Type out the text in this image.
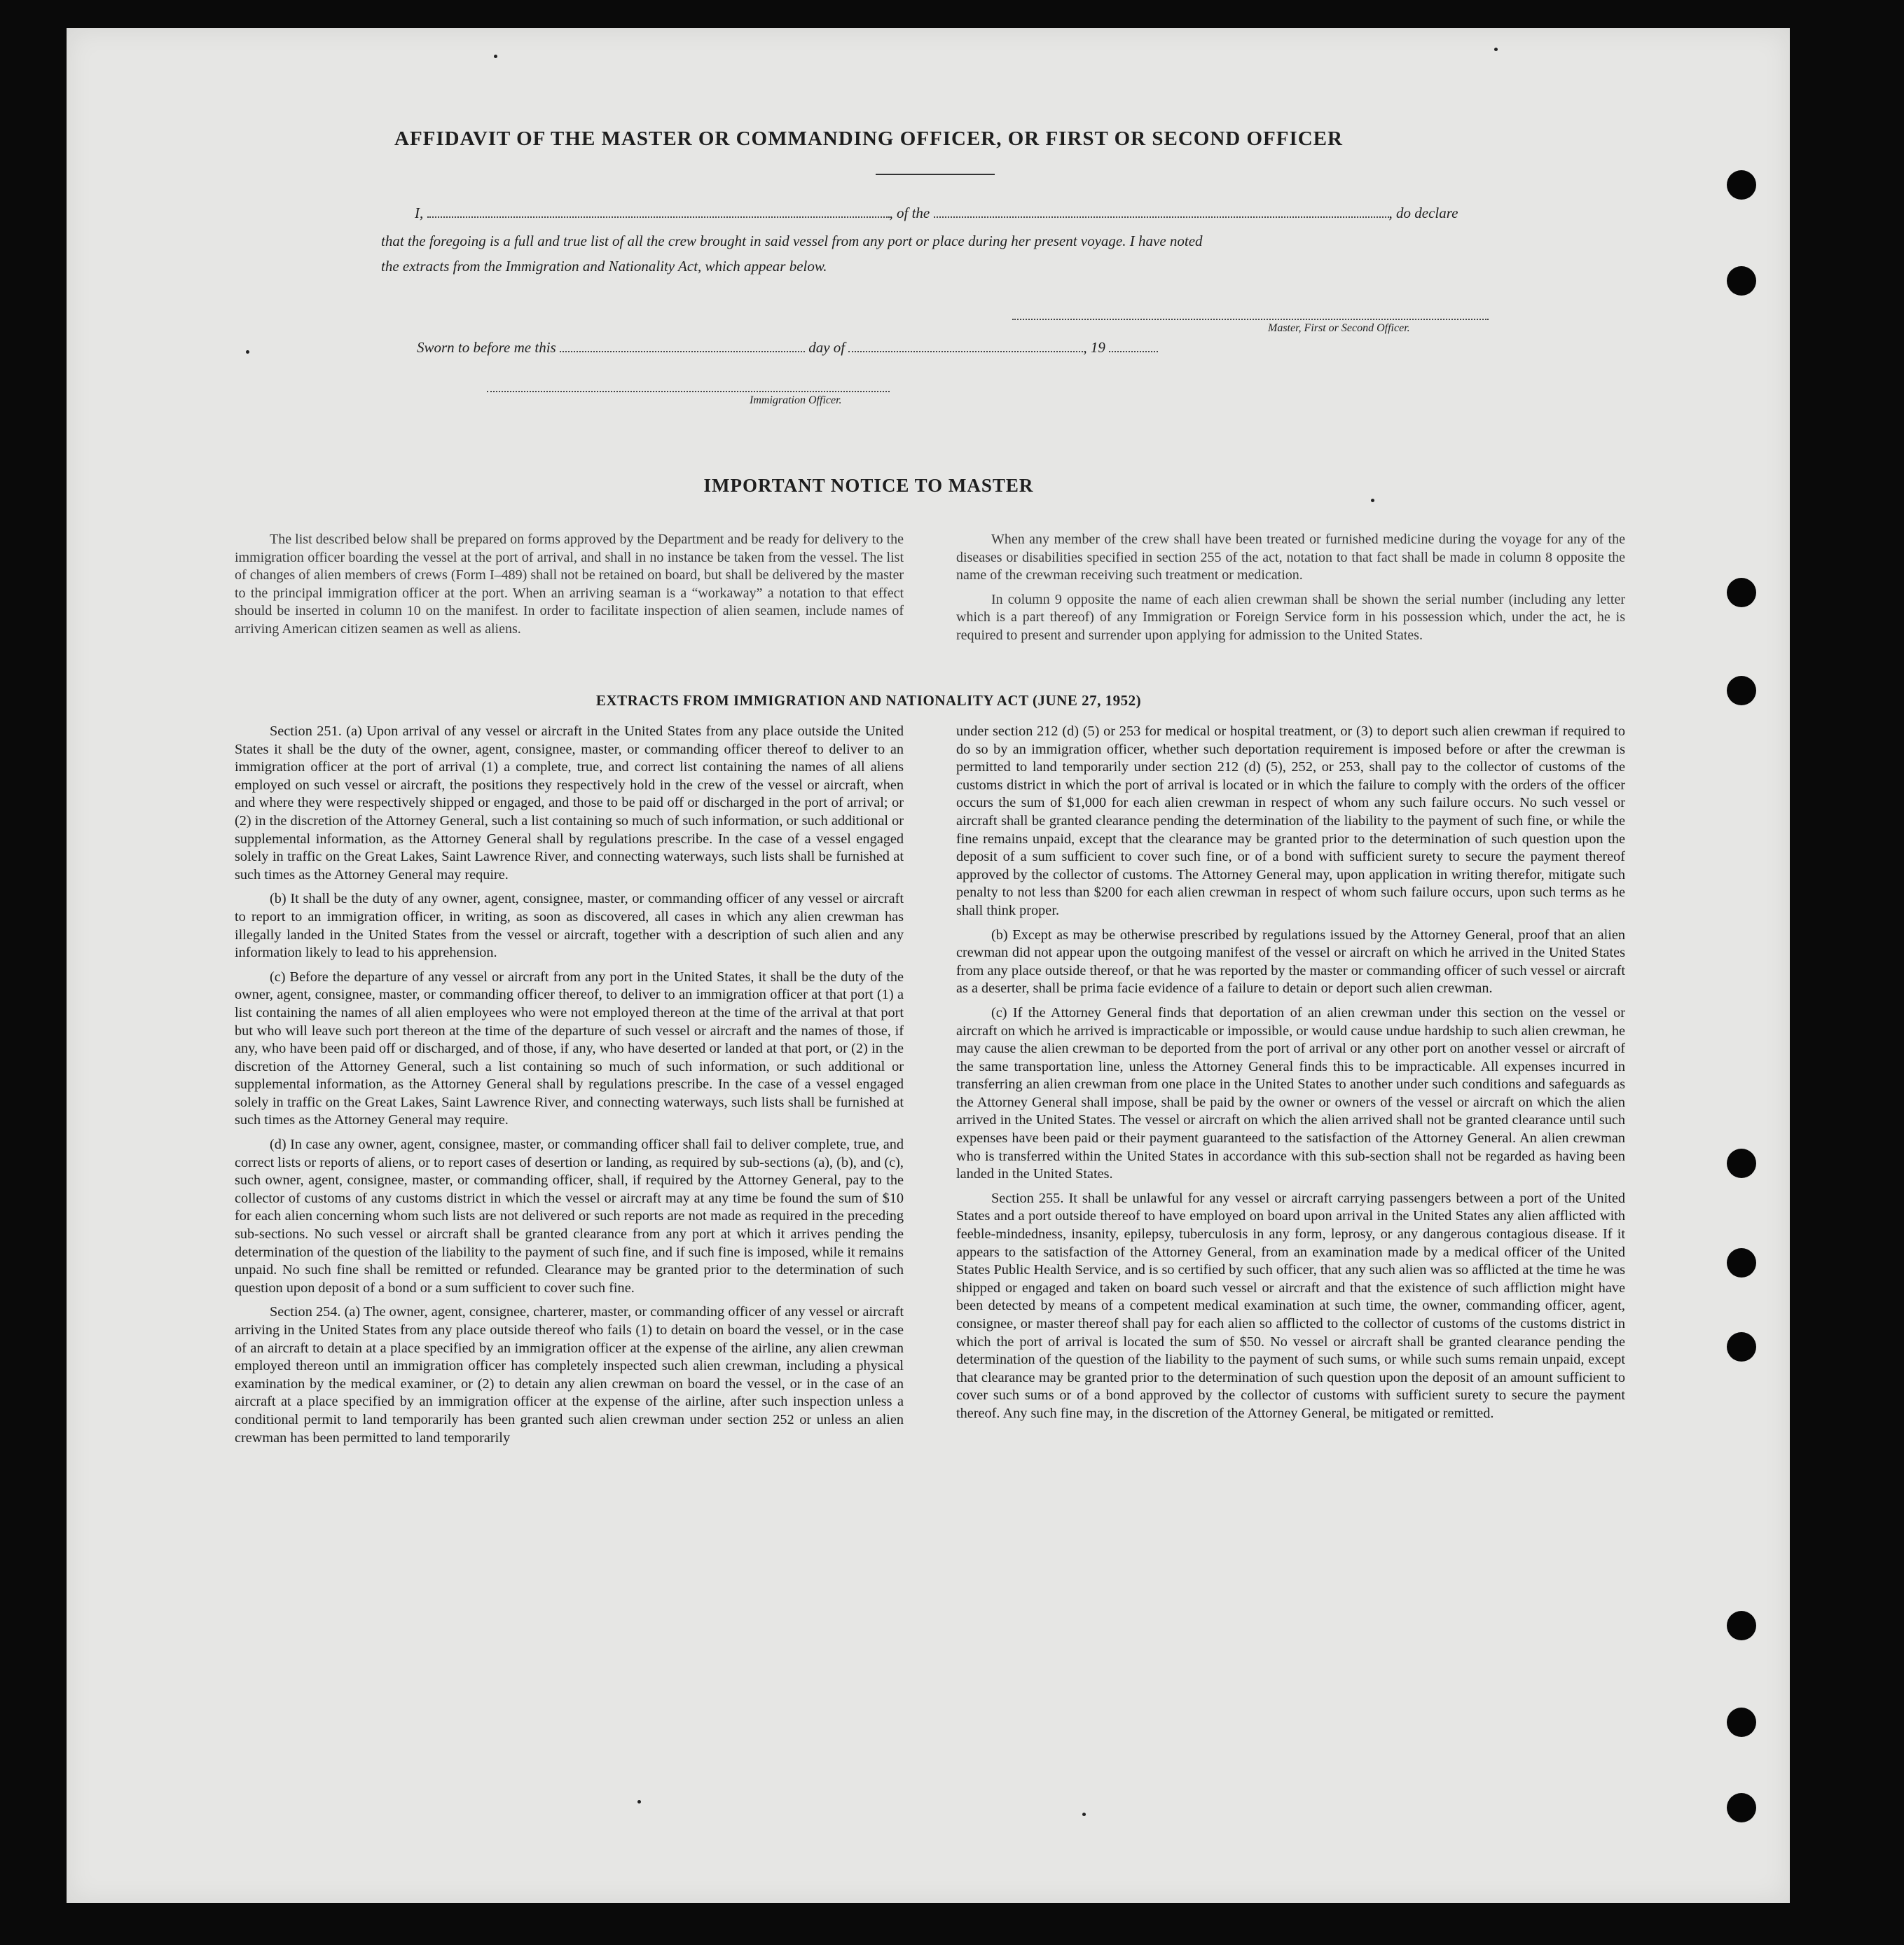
AFFIDAVIT OF THE MASTER OR COMMANDING OFFICER, OR FIRST OR SECOND OFFICER
I,	, of the	, do declare
that the foregoing is a full and true list of all the crew brought in said vessel from any port or place during her present voyage. I have noted
the extracts from the Immigration and Nationality Act, which appear below.
Master, First or Second Officer.
Sworn to before me this	day of	, 19
Immigration Officer.
IMPORTANT NOTICE TO MASTER

The list described below shall be prepared on forms approved by the Department and be ready for delivery to the immigration officer boarding the vessel at the port of arrival, and shall in no instance be taken from the vessel. The list of changes of alien members of crews (Form I–489) shall not be retained on board, but shall be delivered by the master to the principal immigration officer at the port. When an arriving seaman is a “workaway” a notation to that effect should be inserted in column 10 on the manifest. In order to facilitate inspection of alien seamen, include names of arriving American citizen seamen as well as aliens.

When any member of the crew shall have been treated or furnished medicine during the voyage for any of the diseases or disabilities specified in section 255 of the act, notation to that fact shall be made in column 8 opposite the name of the crewman receiving such treatment or medication.

In column 9 opposite the name of each alien crewman shall be shown the serial number (including any letter which is a part thereof) of any Immigration or Foreign Service form in his possession which, under the act, he is required to present and surrender upon applying for admission to the United States.

EXTRACTS FROM IMMIGRATION AND NATIONALITY ACT (JUNE 27, 1952)

Section 251. (a) Upon arrival of any vessel or aircraft in the United States from any place outside the United States it shall be the duty of the owner, agent, consignee, master, or commanding officer thereof to deliver to an immigration officer at the port of arrival (1) a complete, true, and correct list containing the names of all aliens employed on such vessel or aircraft, the positions they respectively hold in the crew of the vessel or aircraft, when and where they were respectively shipped or engaged, and those to be paid off or discharged in the port of arrival; or (2) in the discretion of the Attorney General, such a list containing so much of such information, or such additional or supplemental information, as the Attorney General shall by regulations prescribe. In the case of a vessel engaged solely in traffic on the Great Lakes, Saint Lawrence River, and connecting waterways, such lists shall be furnished at such times as the Attorney General may require.

(b) It shall be the duty of any owner, agent, consignee, master, or commanding officer of any vessel or aircraft to report to an immigration officer, in writing, as soon as discovered, all cases in which any alien crewman has illegally landed in the United States from the vessel or aircraft, together with a description of such alien and any information likely to lead to his apprehension.

(c) Before the departure of any vessel or aircraft from any port in the United States, it shall be the duty of the owner, agent, consignee, master, or commanding officer thereof, to deliver to an immigration officer at that port (1) a list containing the names of all alien employees who were not employed thereon at the time of the arrival at that port but who will leave such port thereon at the time of the departure of such vessel or aircraft and the names of those, if any, who have been paid off or discharged, and of those, if any, who have deserted or landed at that port, or (2) in the discretion of the Attorney General, such a list containing so much of such information, or such additional or supplemental information, as the Attorney General shall by regulations prescribe. In the case of a vessel engaged solely in traffic on the Great Lakes, Saint Lawrence River, and connecting waterways, such lists shall be furnished at such times as the Attorney General may require.

(d) In case any owner, agent, consignee, master, or commanding officer shall fail to deliver complete, true, and correct lists or reports of aliens, or to report cases of desertion or landing, as required by sub-sections (a), (b), and (c), such owner, agent, consignee, master, or commanding officer, shall, if required by the Attorney General, pay to the collector of customs of any customs district in which the vessel or aircraft may at any time be found the sum of $10 for each alien concerning whom such lists are not delivered or such reports are not made as required in the preceding sub-sections. No such vessel or aircraft shall be granted clearance from any port at which it arrives pending the determination of the question of the liability to the payment of such fine, and if such fine is imposed, while it remains unpaid. No such fine shall be remitted or refunded. Clearance may be granted prior to the determination of such question upon deposit of a bond or a sum sufficient to cover such fine.

Section 254. (a) The owner, agent, consignee, charterer, master, or commanding officer of any vessel or aircraft arriving in the United States from any place outside thereof who fails (1) to detain on board the vessel, or in the case of an aircraft to detain at a place specified by an immigration officer at the expense of the airline, any alien crewman employed thereon until an immigration officer has completely inspected such alien crewman, including a physical examination by the medical examiner, or (2) to detain any alien crewman on board the vessel, or in the case of an aircraft at a place specified by an immigration officer at the expense of the airline, after such inspection unless a conditional permit to land temporarily has been granted such alien crewman under section 252 or unless an alien crewman has been permitted to land temporarily

under section 212 (d) (5) or 253 for medical or hospital treatment, or (3) to deport such alien crewman if required to do so by an immigration officer, whether such deportation requirement is imposed before or after the crewman is permitted to land temporarily under section 212 (d) (5), 252, or 253, shall pay to the collector of customs of the customs district in which the port of arrival is located or in which the failure to comply with the orders of the officer occurs the sum of $1,000 for each alien crewman in respect of whom any such failure occurs. No such vessel or aircraft shall be granted clearance pending the determination of the liability to the payment of such fine, or while the fine remains unpaid, except that the clearance may be granted prior to the determination of such question upon the deposit of a sum sufficient to cover such fine, or of a bond with sufficient surety to secure the payment thereof approved by the collector of customs. The Attorney General may, upon application in writing therefor, mitigate such penalty to not less than $200 for each alien crewman in respect of whom such failure occurs, upon such terms as he shall think proper.

(b) Except as may be otherwise prescribed by regulations issued by the Attorney General, proof that an alien crewman did not appear upon the outgoing manifest of the vessel or aircraft on which he arrived in the United States from any place outside thereof, or that he was reported by the master or commanding officer of such vessel or aircraft as a deserter, shall be prima facie evidence of a failure to detain or deport such alien crewman.

(c) If the Attorney General finds that deportation of an alien crewman under this section on the vessel or aircraft on which he arrived is impracticable or impossible, or would cause undue hardship to such alien crewman, he may cause the alien crewman to be deported from the port of arrival or any other port on another vessel or aircraft of the same transportation line, unless the Attorney General finds this to be impracticable. All expenses incurred in transferring an alien crewman from one place in the United States to another under such conditions and safeguards as the Attorney General shall impose, shall be paid by the owner or owners of the vessel or aircraft on which the alien arrived in the United States. The vessel or aircraft on which the alien arrived shall not be granted clearance until such expenses have been paid or their payment guaranteed to the satisfaction of the Attorney General. An alien crewman who is transferred within the United States in accordance with this sub-section shall not be regarded as having been landed in the United States.

Section 255. It shall be unlawful for any vessel or aircraft carrying passengers between a port of the United States and a port outside thereof to have employed on board upon arrival in the United States any alien afflicted with feeble-mindedness, insanity, epilepsy, tuberculosis in any form, leprosy, or any dangerous contagious disease. If it appears to the satisfaction of the Attorney General, from an examination made by a medical officer of the United States Public Health Service, and is so certified by such officer, that any such alien was so afflicted at the time he was shipped or engaged and taken on board such vessel or aircraft and that the existence of such affliction might have been detected by means of a competent medical examination at such time, the owner, commanding officer, agent, consignee, or master thereof shall pay for each alien so afflicted to the collector of customs of the customs district in which the port of arrival is located the sum of $50. No vessel or aircraft shall be granted clearance pending the determination of the question of the liability to the payment of such sums, or while such sums remain unpaid, except that clearance may be granted prior to the determination of such question upon the deposit of an amount sufficient to cover such sums or of a bond approved by the collector of customs with sufficient surety to secure the payment thereof. Any such fine may, in the discretion of the Attorney General, be mitigated or remitted.
